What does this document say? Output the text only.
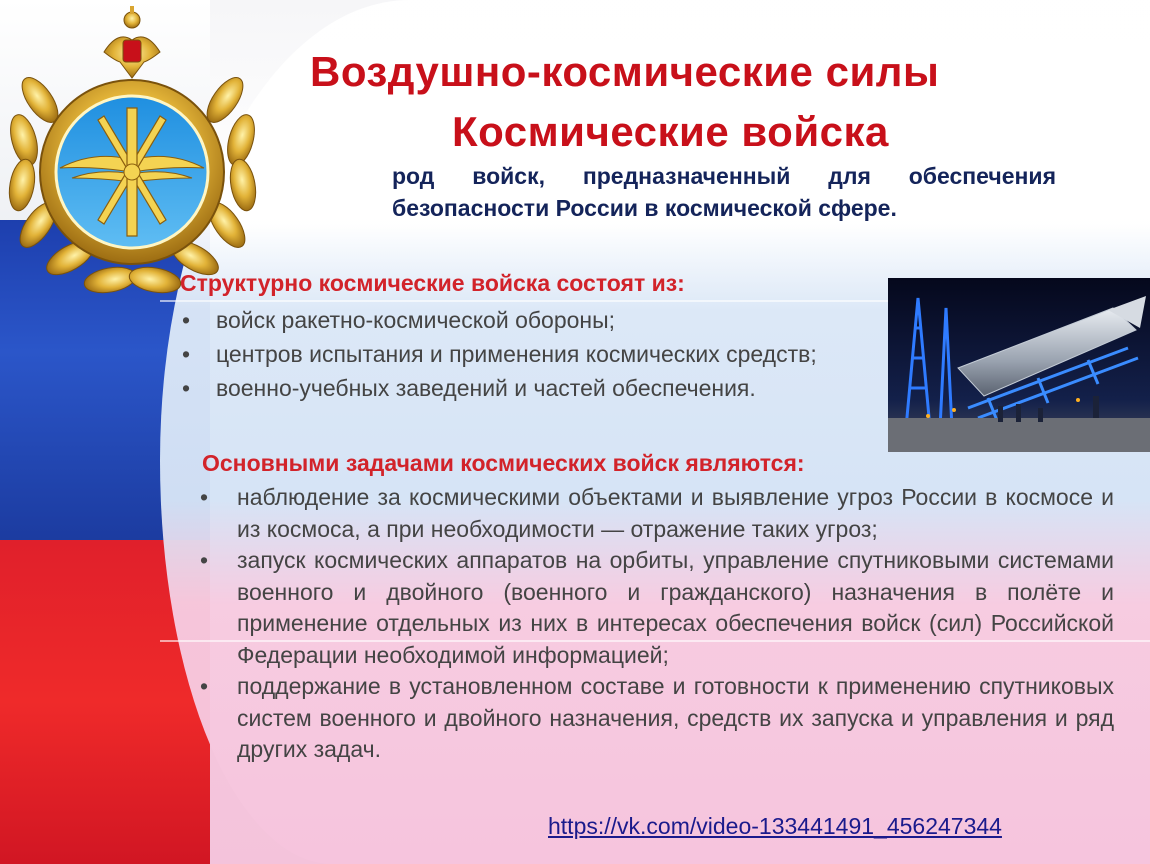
Воздушно-космические силы
Космические войска

род войск, предназначенный для обеспечения безопасности России в космической сфере.

Структурно космические войска состоят из:

• войск ракетно-космической обороны;
• центров испытания и применения космических средств;
• военно-учебных заведений и частей обеспечения.

Основными задачами космических войск являются:

• наблюдение за космическими объектами и выявление угроз России в космосе и из космоса, а при необходимости — отражение таких угроз;
• запуск космических аппаратов на орбиты, управление спутниковыми системами военного и двойного (военного и гражданского) назначения в полёте и применение отдельных из них в интересах обеспечения войск (сил) Российской Федерации необходимой информацией;
• поддержание в установленном составе и готовности к применению спутниковых систем военного и двойного назначения, средств их запуска и управления и ряд других задач.
https://vk.com/video-133441491_456247344
